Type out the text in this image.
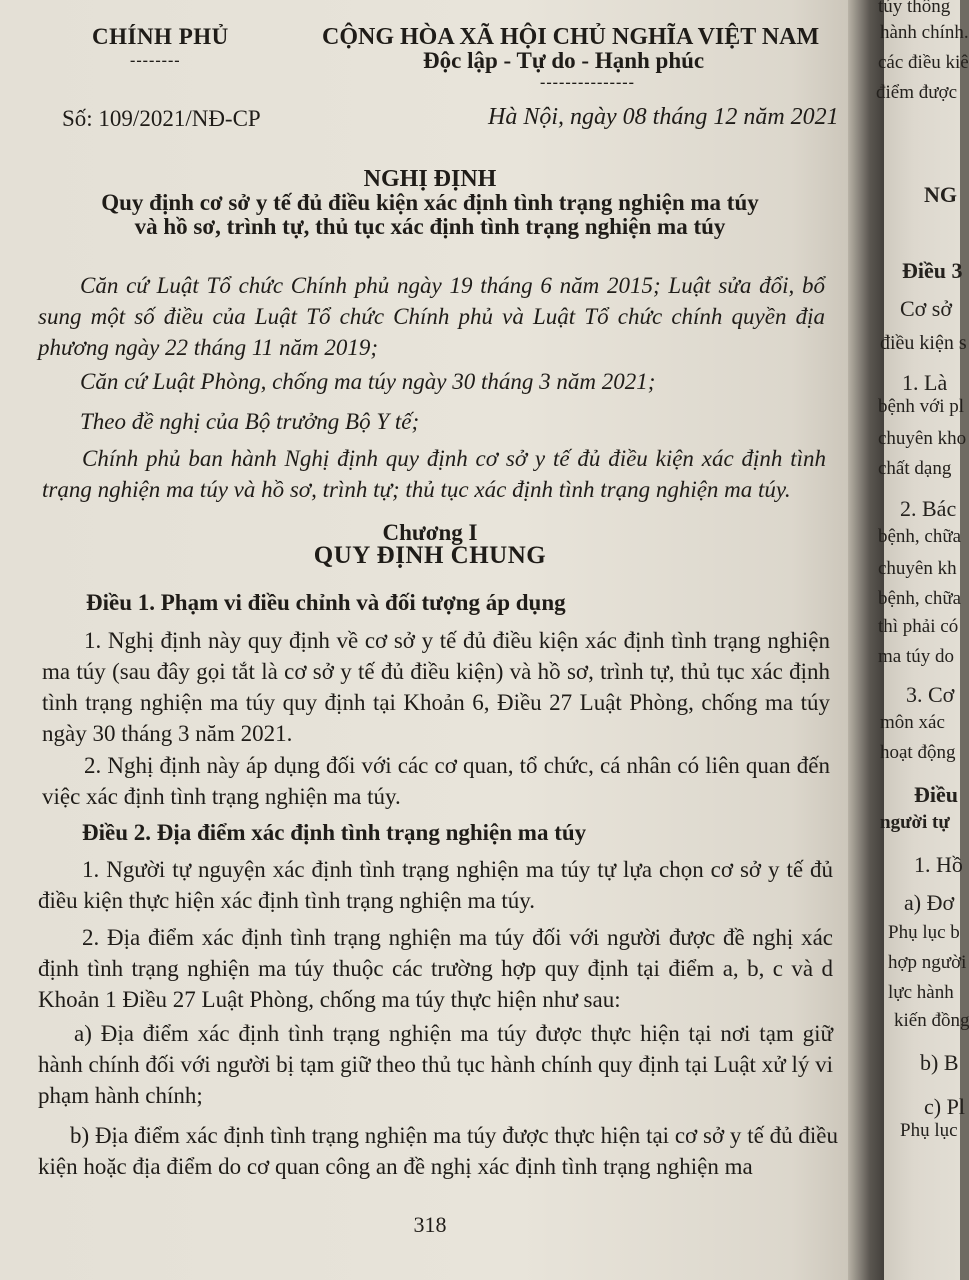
CHÍNH PHỦ
--------
CỘNG HÒA XÃ HỘI CHỦ NGHĨA VIỆT NAM
Độc lập - Tự do - Hạnh phúc
---------------
Số: 109/2021/NĐ-CP	Hà Nội, ngày 08 tháng 12 năm 2021
NGHỊ ĐỊNH
Quy định cơ sở y tế đủ điều kiện xác định tình trạng nghiện ma túy
và hồ sơ, trình tự, thủ tục xác định tình trạng nghiện ma túy
Căn cứ Luật Tổ chức Chính phủ ngày 19 tháng 6 năm 2015; Luật sửa đổi, bổ sung một số điều của Luật Tổ chức Chính phủ và Luật Tổ chức chính quyền địa phương ngày 22 tháng 11 năm 2019;
Căn cứ Luật Phòng, chống ma túy ngày 30 tháng 3 năm 2021;
Theo đề nghị của Bộ trưởng Bộ Y tế;
Chính phủ ban hành Nghị định quy định cơ sở y tế đủ điều kiện xác định tình trạng nghiện ma túy và hồ sơ, trình tự; thủ tục xác định tình trạng nghiện ma túy.
Chương I
QUY ĐỊNH CHUNG
Điều 1. Phạm vi điều chỉnh và đối tượng áp dụng
1. Nghị định này quy định về cơ sở y tế đủ điều kiện xác định tình trạng nghiện ma túy (sau đây gọi tắt là cơ sở y tế đủ điều kiện) và hồ sơ, trình tự, thủ tục xác định tình trạng nghiện ma túy quy định tại Khoản 6, Điều 27 Luật Phòng, chống ma túy ngày 30 tháng 3 năm 2021.
2. Nghị định này áp dụng đối với các cơ quan, tổ chức, cá nhân có liên quan đến việc xác định tình trạng nghiện ma túy.
Điều 2. Địa điểm xác định tình trạng nghiện ma túy
1. Người tự nguyện xác định tình trạng nghiện ma túy tự lựa chọn cơ sở y tế đủ điều kiện thực hiện xác định tình trạng nghiện ma túy.
2. Địa điểm xác định tình trạng nghiện ma túy đối với người được đề nghị xác định tình trạng nghiện ma túy thuộc các trường hợp quy định tại điểm a, b, c và d Khoản 1 Điều 27 Luật Phòng, chống ma túy thực hiện như sau:
a) Địa điểm xác định tình trạng nghiện ma túy được thực hiện tại nơi tạm giữ hành chính đối với người bị tạm giữ theo thủ tục hành chính quy định tại Luật xử lý vi phạm hành chính;
b) Địa điểm xác định tình trạng nghiện ma túy được thực hiện tại cơ sở y tế đủ điều kiện hoặc địa điểm do cơ quan công an đề nghị xác định tình trạng nghiện ma
318
túy thông
hành chính.
các điều kiê
điểm được
NG
Điều 3
Cơ sở
điều kiện s
1. Là
bệnh với pl
chuyên kho
chất dạng
2. Bác
bệnh, chữa
chuyên kh
bệnh, chữa
thì phải có
ma túy do
3. Cơ
môn xác
hoạt động
Điều
người tự
1. Hồ
a) Đơ
Phụ lục b
hợp người
lực hành
kiến đồng
b) B
c) Pl
Phụ lục
